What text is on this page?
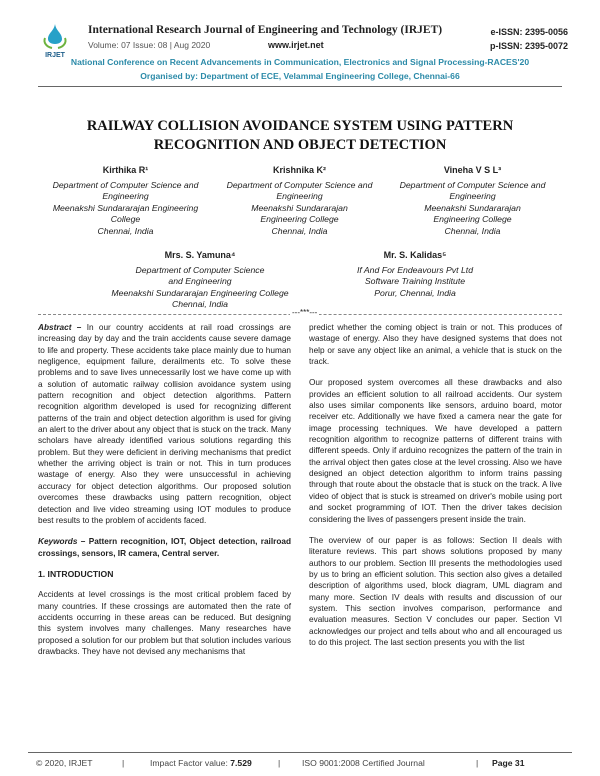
IRJET
International Research Journal of Engineering and Technology (IRJET)	e-ISSN: 2395-0056
p-ISSN: 2395-0072
Volume: 07 Issue: 08 | Aug 2020	www.irjet.net
National Conference on Recent Advancements in Communication, Electronics and Signal Processing-RACES'20
Organised by: Department of ECE, Velammal Engineering College, Chennai-66
RAILWAY COLLISION AVOIDANCE SYSTEM USING PATTERN
RECOGNITION AND OBJECT DETECTION
Kirthika R¹
Department of Computer Science and
Engineering
Meenakshi Sundararajan Engineering
College
Chennai, India
Krishnika K²
Department of Computer Science and
Engineering
Meenakshi Sundararajan
Engineering College
Chennai, India
Vineha V S L³
Department of Computer Science and
Engineering
Meenakshi Sundararajan
Engineering College
Chennai, India
Mrs. S. Yamuna⁴
Department of Computer Science
and Engineering
Meenakshi Sundararajan Engineering College
Chennai, India
Mr. S. Kalidas⁵
If And For Endeavours Pvt Ltd
Software Training Institute
Porur, Chennai, India
---***---

Abstract – In our country accidents at rail road crossings are increasing day by day and the train accidents cause severe damage to life and property. These accidents take place mainly due to human negligence, equipment failure, derailments etc. To solve these problems and to save lives unnecessarily lost we have come up with a solution of automatic railway collision avoidance system using pattern recognition and object detection algorithms. Pattern recognition algorithm developed is used for recognizing different patterns of the train and object detection algorithm is used for giving an alert to the driver about any object that is stuck on the track. Many scholars have already identified various solutions regarding this problem. But they were deficient in deriving mechanisms that predict whether the arriving object is train or not. This in turn produces wastage of energy. Also they were unsuccessful in achieving accuracy for object detection algorithms. Our proposed solution overcomes these drawbacks using pattern recognition, object detection and live video streaming using IOT modules to produce best results to the problem of accidents faced.

Keywords – Pattern recognition, IOT, Object detection, railroad crossings, sensors, IR camera, Central server.

1. INTRODUCTION

Accidents at level crossings is the most critical problem faced by many countries. If these crossings are automated then the rate of accidents occurring in these areas can be reduced. But designing this system involves many challenges. Many researches have proposed a solution for our problem but that solution includes various drawbacks. They have not devised any mechanisms that

predict whether the coming object is train or not. This produces of wastage of energy. Also they have designed systems that does not help or save any object like an animal, a vehicle that is stuck on the track.

Our proposed system overcomes all these drawbacks and also provides an efficient solution to all railroad accidents. Our system also uses similar components like sensors, arduino board, motor receiver etc. Additionally we have fixed a camera near the gate for image processing techniques. We have developed a pattern recognition algorithm to recognize patterns of different trains with different speeds. Only if arduino recognizes the pattern of the train in the arrival object then gates close at the level crossing. Also we have designed an object detection algorithm to inform trains passing through that route about the obstacle that is stuck on the track. A live video of object that is stuck is streamed on driver's mobile using port and socket programming of IOT. Then the driver takes decision considering the lives of passengers present inside the train.

The overview of our paper is as follows: Section II deals with literature reviews. This part shows solutions proposed by many authors to our problem. Section III presents the methodologies used by us to bring an efficient solution. This section also gives a detailed description of algorithms used, block diagram, UML diagram and many more. Section IV deals with results and discussion of our system. This section involves comparison, performance and evaluation measures. Section V concludes our paper. Section VI acknowledges our project and tells about who and all encouraged us to do this project. The last section presents you with the list

© 2020, IRJET	|	Impact Factor value: 7.529	|	ISO 9001:2008 Certified Journal	| Page 31
